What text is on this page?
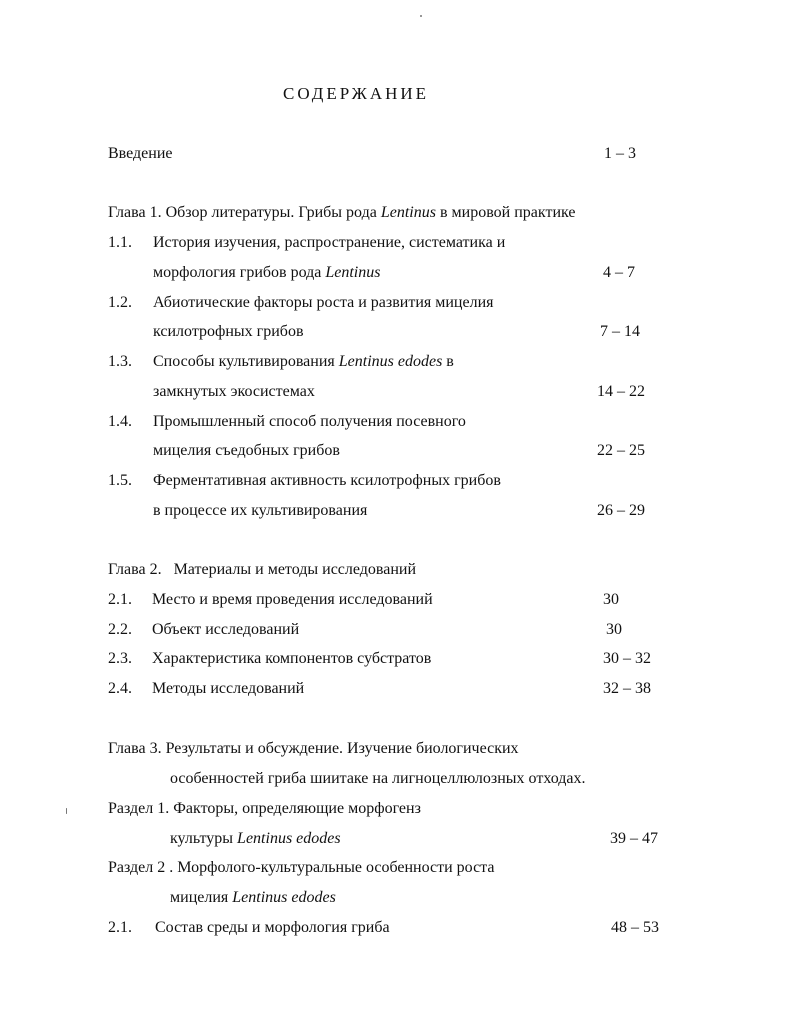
СОДЕРЖАНИЕ
Введение	1 – 3
Глава 1. Обзор литературы. Грибы рода Lentinus в мировой практике
1.1. История изучения, распространение, систематика и
морфология грибов рода Lentinus	4 – 7
1.2. Абиотические факторы роста и развития мицелия
ксилотрофных грибов	7 – 14
1.3. Способы культивирования Lentinus edodes в
замкнутых экосистемах	14 – 22
1.4. Промышленный способ получения посевного
мицелия съедобных грибов	22 – 25
1.5. Ферментативная активность ксилотрофных грибов
в процессе их культивирования	26 – 29
Глава 2.   Материалы и методы исследований
2.1. Место и время проведения исследований	30
2.2. Объект исследований	30
2.3. Характеристика компонентов субстратов	30 – 32
2.4. Методы исследований	32 – 38
Глава 3. Результаты и обсуждение. Изучение биологических
особенностей гриба шиитаке на лигноцеллюлозных отходах.
Раздел 1. Факторы, определяющие морфогенз
культуры Lentinus edodes	39 – 47
Раздел 2 . Морфолого-культуральные особенности роста
мицелия Lentinus edodes
2.1. Состав среды и морфология гриба	48 – 53
